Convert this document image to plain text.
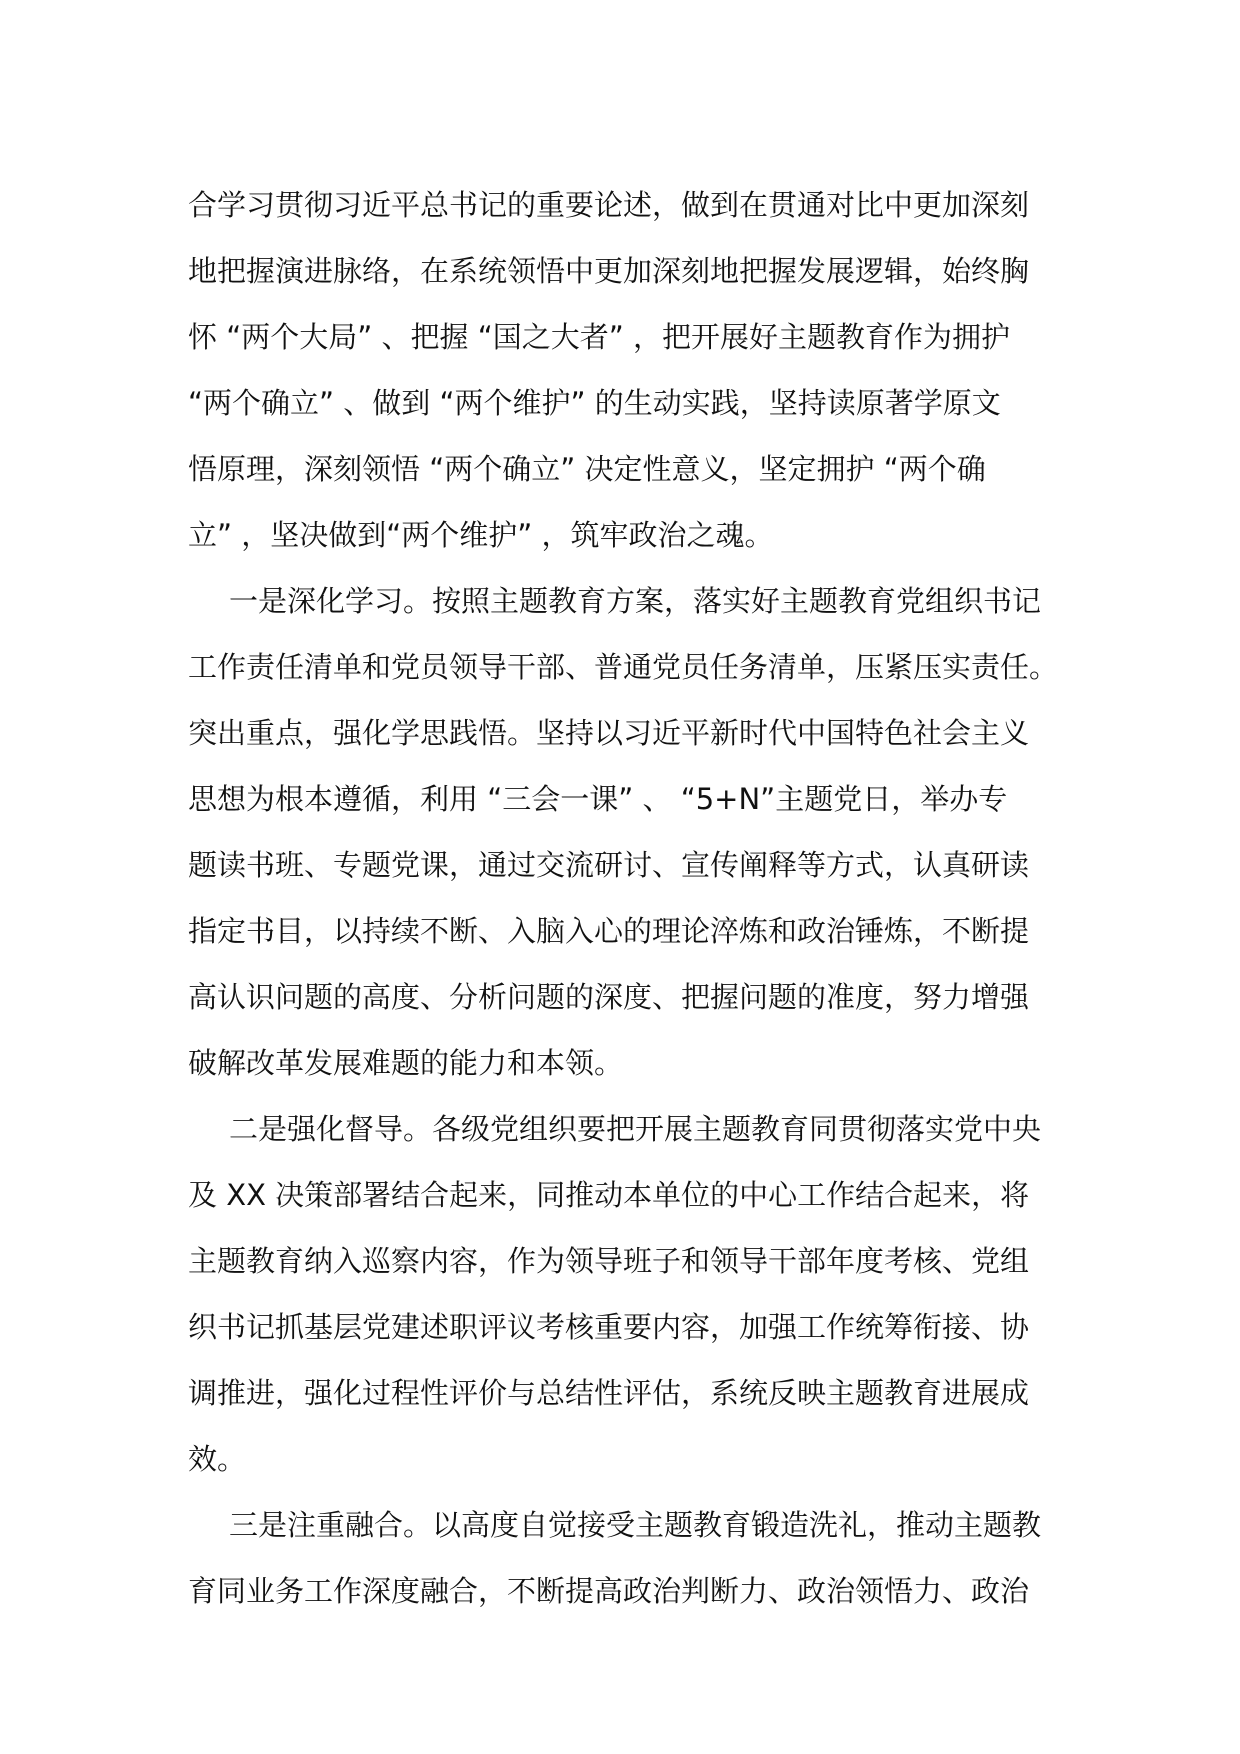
合学习贯彻习近平总书记的重要论述，做到在贯通对比中更加深刻
地把握演进脉络，在系统领悟中更加深刻地把握发展逻辑，始终胸
怀 “两个大局” 、把握 “国之大者” ，把开展好主题教育作为拥护
“两个确立” 、做到 “两个维护” 的生动实践，坚持读原著学原文
悟原理，深刻领悟 “两个确立” 决定性意义，坚定拥护 “两个确
立” ，坚决做到“两个维护” ，筑牢政治之魂。
一是深化学习。按照主题教育方案，落实好主题教育党组织书记
工作责任清单和党员领导干部、普通党员任务清单，压紧压实责任。
突出重点，强化学思践悟。坚持以习近平新时代中国特色社会主义
思想为根本遵循，利用 “三会一课” 、 “5+N”主题党日，举办专
题读书班、专题党课，通过交流研讨、宣传阐释等方式，认真研读
指定书目，以持续不断、入脑入心的理论淬炼和政治锤炼，不断提
高认识问题的高度、分析问题的深度、把握问题的准度，努力增强
破解改革发展难题的能力和本领。
二是强化督导。各级党组织要把开展主题教育同贯彻落实党中央
及 XX 决策部署结合起来，同推动本单位的中心工作结合起来，将
主题教育纳入巡察内容，作为领导班子和领导干部年度考核、党组
织书记抓基层党建述职评议考核重要内容，加强工作统筹衔接、协
调推进，强化过程性评价与总结性评估，系统反映主题教育进展成
效。
三是注重融合。以高度自觉接受主题教育锻造洗礼，推动主题教
育同业务工作深度融合，不断提高政治判断力、政治领悟力、政治
